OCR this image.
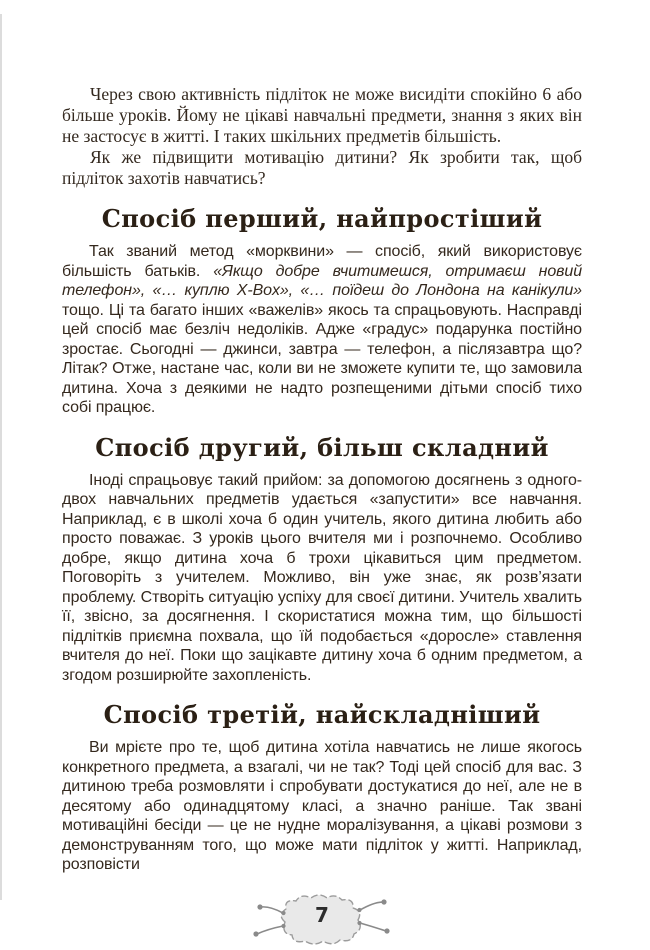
Через свою активність підліток не може висидіти спокійно 6 або більше уроків. Йому не цікаві навчальні предмети, знання з яких він не застосує в житті. І таких шкільних предметів більшість.

Як же підвищити мотивацію дитини? Як зробити так, щоб підліток захотів навчатись?

Спосіб перший, найпростіший

Так званий метод «морквини» — спосіб, який використовує більшість батьків. «Якщо добре вчитимешся, отримаєш новий телефон», «… куплю X-Box», «… поїдеш до Лондона на канікули» тощо. Ці та багато інших «важелів» якось та спрацьовують. Насправді цей спосіб має безліч недоліків. Адже «градус» подарунка постійно зростає. Сьогодні — джинси, завтра — телефон, а післязавтра що? Літак? Отже, настане час, коли ви не зможете купити те, що замовила дитина. Хоча з деякими не надто розпещеними дітьми спосіб тихо собі працює.

Спосіб другий, більш складний

Іноді спрацьовує такий прийом: за допомогою досягнень з одного-двох навчальних предметів удається «запустити» все навчання. Наприклад, є в школі хоча б один учитель, якого дитина любить або просто поважає. З уроків цього вчителя ми і розпочнемо. Особливо добре, якщо дитина хоча б трохи цікавиться цим предметом. Поговоріть з учителем. Можливо, він уже знає, як розв’язати проблему. Створіть ситуацію успіху для своєї дитини. Учитель хвалить її, звісно, за досягнення. І скористатися можна тим, що більшості підлітків приємна похвала, що їй подобається «доросле» ставлення вчителя до неї. Поки що зацікавте дитину хоча б одним предметом, а згодом розширюйте захопленість.

Спосіб третій, найскладніший

Ви мрієте про те, щоб дитина хотіла навчатись не лише якогось конкретного предмета, а взагалі, чи не так? Тоді цей спосіб для вас. З дитиною треба розмовляти і спробувати достукатися до неї, але не в десятому або одинадцятому класі, а значно раніше. Так звані мотиваційні бесіди — це не нудне моралізування, а цікаві розмови з демонструванням того, що може мати підліток у житті. Наприклад, розповісти

7
